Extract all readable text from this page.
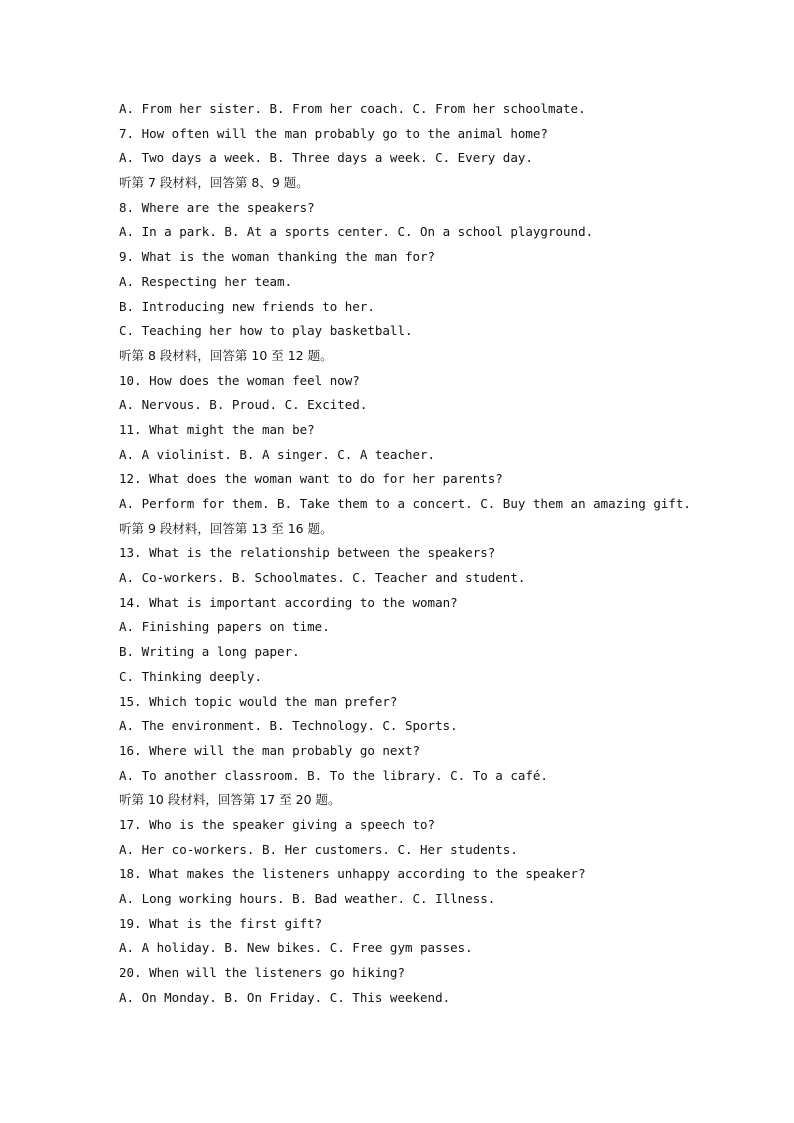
A. From her sister. B. From her coach. C. From her schoolmate.
7. How often will the man probably go to the animal home?
A. Two days a week. B. Three days a week. C. Every day.
听第 7 段材料，回答第 8、9 题。
8. Where are the speakers?
A. In a park. B. At a sports center. C. On a school playground.
9. What is the woman thanking the man for?
A. Respecting her team.
B. Introducing new friends to her.
C. Teaching her how to play basketball.
听第 8 段材料，回答第 10 至 12 题。
10. How does the woman feel now?
A. Nervous. B. Proud. C. Excited.
11. What might the man be?
A. A violinist. B. A singer. C. A teacher.
12. What does the woman want to do for her parents?
A. Perform for them. B. Take them to a concert. C. Buy them an amazing gift.
听第 9 段材料，回答第 13 至 16 题。
13. What is the relationship between the speakers?
A. Co-workers. B. Schoolmates. C. Teacher and student.
14. What is important according to the woman?
A. Finishing papers on time.
B. Writing a long paper.
C. Thinking deeply.
15. Which topic would the man prefer?
A. The environment. B. Technology. C. Sports.
16. Where will the man probably go next?
A. To another classroom. B. To the library. C. To a café.
听第 10 段材料，回答第 17 至 20 题。
17. Who is the speaker giving a speech to?
A. Her co-workers. B. Her customers. C. Her students.
18. What makes the listeners unhappy according to the speaker?
A. Long working hours. B. Bad weather. C. Illness.
19. What is the first gift?
A. A holiday. B. New bikes. C. Free gym passes.
20. When will the listeners go hiking?
A. On Monday. B. On Friday. C. This weekend.
